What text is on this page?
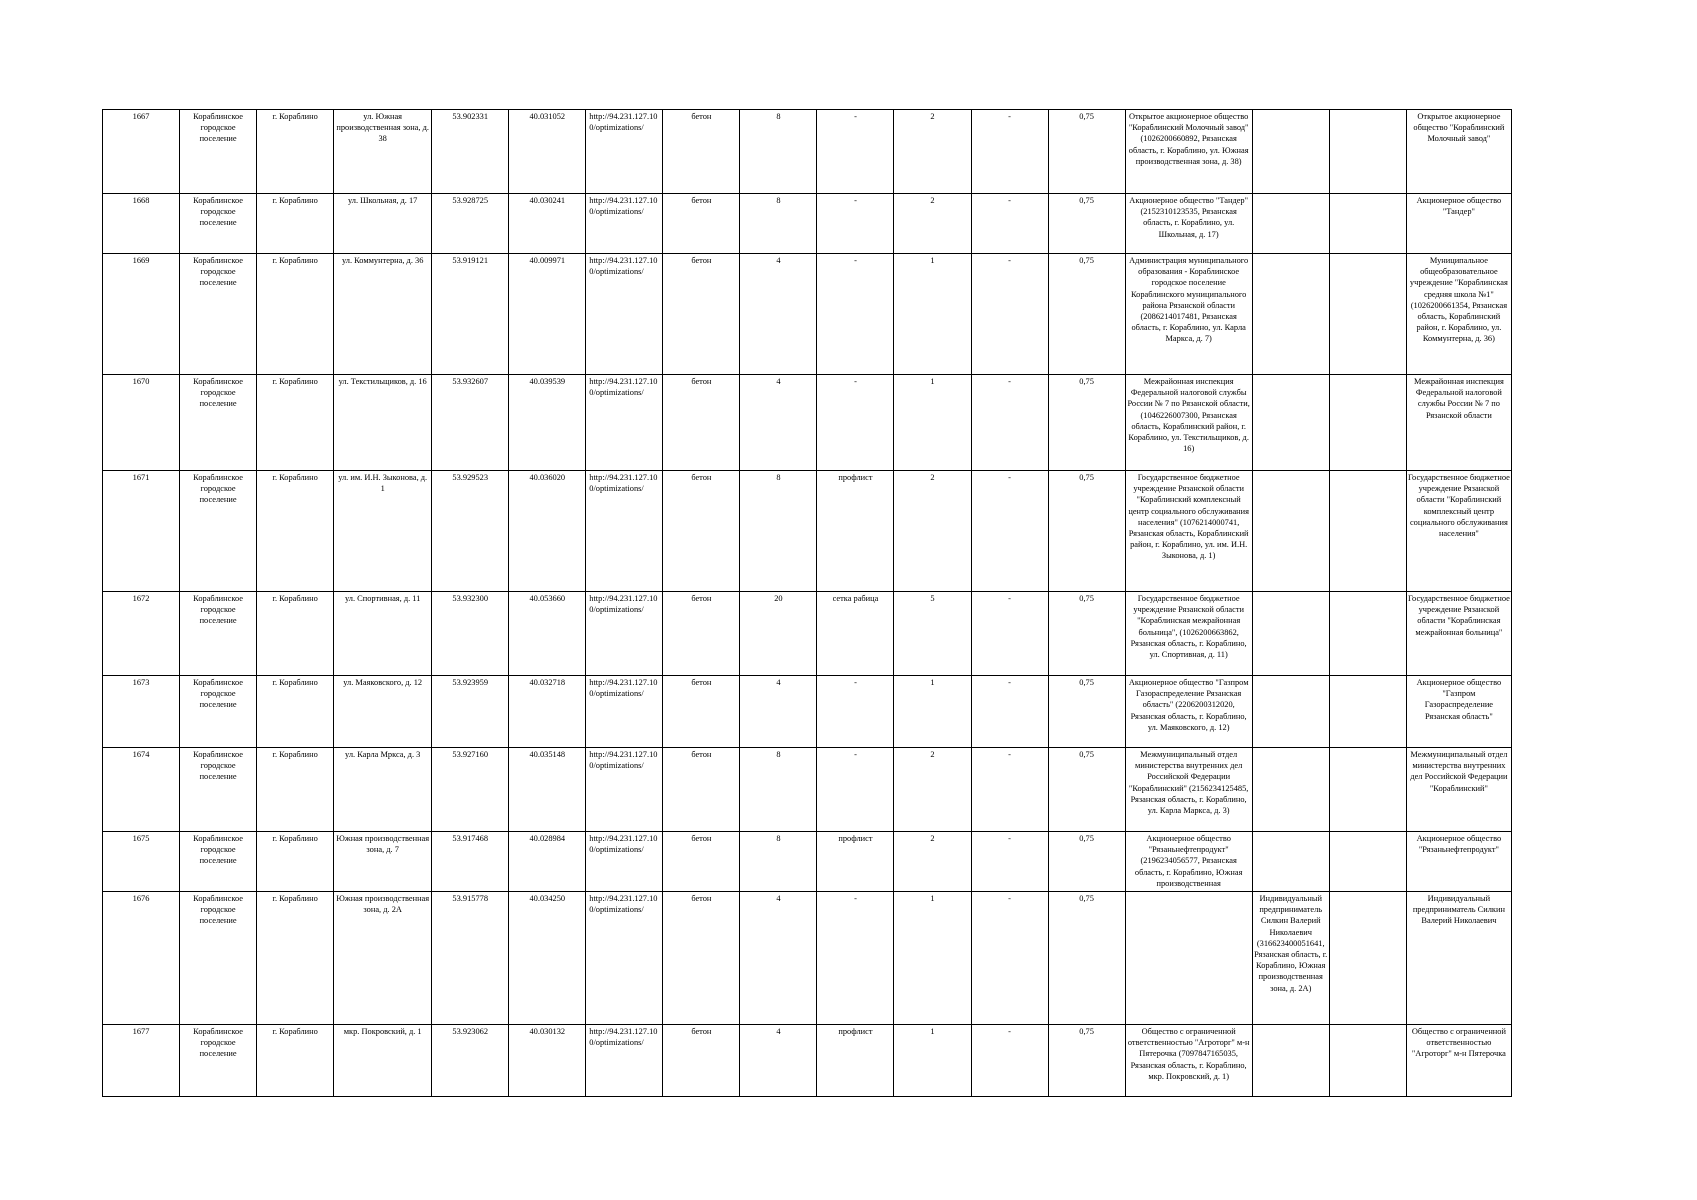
1667	Кораблинское городское поселение	г. Кораблино	ул. Южная производственная зона, д. 38	53.902331	40.031052	http://94.231.127.10 0/optimizations/	бетон	8	-	2	-	0,75	Открытое акционерное общество "Кораблинский Молочный завод" (1026200660892, Рязанская область, г. Кораблино, ул. Южная производственная зона, д. 38)			Открытое акционерное общество "Кораблинский Молочный завод"
1668	Кораблинское городское поселение	г. Кораблино	ул. Школьная, д. 17	53.928725	40.030241	http://94.231.127.10 0/optimizations/	бетон	8	-	2	-	0,75	Акционерное общество "Тандер" (2152310123535, Рязанская область, г. Кораблино, ул. Школьная, д. 17)			Акционерное общество "Тандер"
1669	Кораблинское городское поселение	г. Кораблино	ул. Коммунтерна, д. 36	53.919121	40.009971	http://94.231.127.10 0/optimizations/	бетон	4	-	1	-	0,75	Администрация муниципального образования - Кораблинское городское поселение Кораблинского муниципального района Рязанской области (2086214017481, Рязанская область, г. Кораблино, ул. Карла Маркса, д. 7)			Муниципальное общеобразовательное учреждение "Кораблинская средняя школа №1" (1026200661354, Рязанская область, Кораблинский район, г. Кораблино, ул. Коммунтерна, д. 36)
1670	Кораблинское городское поселение	г. Кораблино	ул. Текстильщиков, д. 16	53.932607	40.039539	http://94.231.127.10 0/optimizations/	бетон	4	-	1	-	0,75	Межрайонная инспекция Федеральной налоговой службы России № 7 по Рязанской области, (1046226007300, Рязанская область, Кораблинский район, г. Кораблино, ул. Текстильщиков, д. 16)			Межрайонная инспекция Федеральной налоговой службы России № 7 по Рязанской области
1671	Кораблинское городское поселение	г. Кораблино	ул. им. И.Н. Зыконова, д. 1	53.929523	40.036020	http://94.231.127.10 0/optimizations/	бетон	8	профлист	2	-	0,75	Государственное бюджетное учреждение Рязанской области "Кораблинский комплексный центр социального обслуживания населения" (1076214000741, Рязанская область, Кораблинский район, г. Кораблино, ул. им. И.Н. Зыконова, д. 1)			Государственное бюджетное учреждение Рязанской области "Кораблинский комплексный центр социального обслуживания населения"
1672	Кораблинское городское поселение	г. Кораблино	ул. Спортивная, д. 11	53.932300	40.053660	http://94.231.127.10 0/optimizations/	бетон	20	сетка рабица	5	-	0,75	Государственное бюджетное учреждение Рязанской области "Кораблинская межрайонная больница", (1026200663862, Рязанская область, г. Кораблино, ул. Спортивная, д. 11)			Государственное бюджетное учреждение Рязанской области "Кораблинская межрайонная больница"
1673	Кораблинское городское поселение	г. Кораблино	ул. Маяковского, д. 12	53.923959	40.032718	http://94.231.127.10 0/optimizations/	бетон	4	-	1	-	0,75	Акционерное общество "Газпром Газораспределение Рязанская область" (2206200312020, Рязанская область, г. Кораблино, ул. Маяковского, д. 12)			Акционерное общество "Газпром Газораспределение Рязанская область"
1674	Кораблинское городское поселение	г. Кораблино	ул. Карла Мркса, д. 3	53.927160	40.035148	http://94.231.127.10 0/optimizations/	бетон	8	-	2	-	0,75	Межмуниципальный отдел министерства внутренних дел Российской Федерации "Кораблинский" (2156234125485, Рязанская область, г. Кораблино, ул. Карла Маркса, д. 3)			Межмуниципальный отдел министерства внутренних дел Российской Федерации "Кораблинский"
1675	Кораблинское городское поселение	г. Кораблино	Южная производственная зона, д. 7	53.917468	40.028984	http://94.231.127.10 0/optimizations/	бетон	8	профлист	2	-	0,75	Акционерное общество "Рязаньнефтепродукт" (2196234056577, Рязанская область, г. Кораблино, Южная производственная			Акционерное общество "Рязаньнефтепродукт"
1676	Кораблинское городское поселение	г. Кораблино	Южная производственная зона, д. 2А	53.915778	40.034250	http://94.231.127.10 0/optimizations/	бетон	4	-	1	-	0,75		Индивидуальный предприниматель Силкин Валерий Николаевич (316623400051641, Рязанская область, г. Кораблино, Южная производственная зона, д. 2А)		Индивидуальный предприниматель Силкин Валерий Николаевич
1677	Кораблинское городское поселение	г. Кораблино	мкр. Покровский, д. 1	53.923062	40.030132	http://94.231.127.10 0/optimizations/	бетон	4	профлист	1	-	0,75	Общество с ограниченной ответственностью "Агроторг" м-н Пятерочка (7097847165035, Рязанская область, г. Кораблино, мкр. Покровский, д. 1)			Общество с ограниченной ответственностью "Агроторг" м-н Пятерочка
